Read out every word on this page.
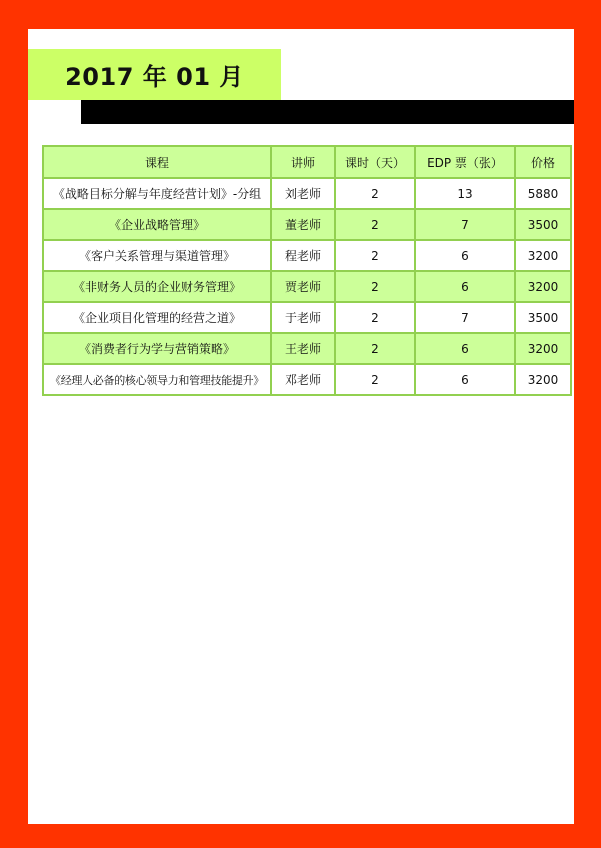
2017 年 01 月
课程	讲师	课时（天）	EDP 票（张）	价格
《战略目标分解与年度经营计划》-分组	刘老师	2	13	5880
《企业战略管理》	董老师	2	7	3500
《客户关系管理与渠道管理》	程老师	2	6	3200
《非财务人员的企业财务管理》	贾老师	2	6	3200
《企业项目化管理的经营之道》	于老师	2	7	3500
《消费者行为学与营销策略》	王老师	2	6	3200
《经理人必备的核心领导力和管理技能提升》	邓老师	2	6	3200
